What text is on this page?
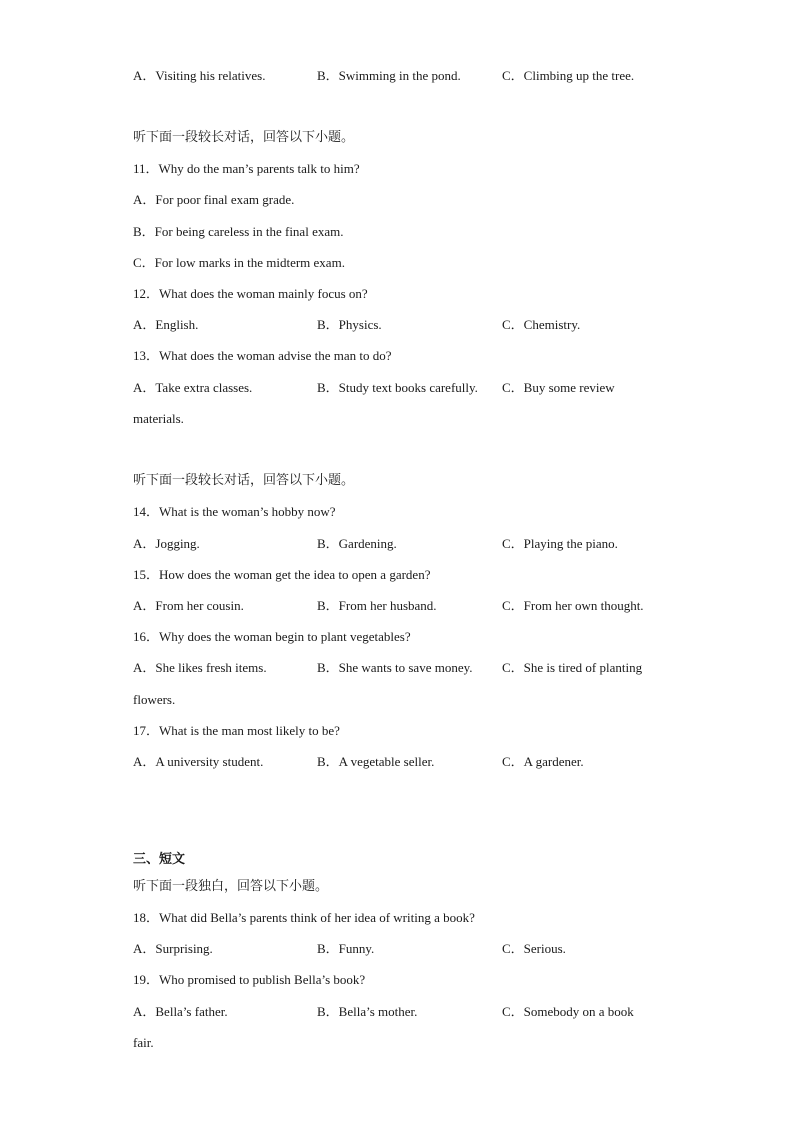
A．Visiting his relatives.	B．Swimming in the pond.	C．Climbing up the tree.
听下面一段较长对话，回答以下小题。
11．Why do the man’s parents talk to him?
A．For poor final exam grade.
B．For being careless in the final exam.
C．For low marks in the midterm exam.
12．What does the woman mainly focus on?
A．English.	B．Physics.	C．Chemistry.
13．What does the woman advise the man to do?
A．Take extra classes.	B．Study text books carefully. C．Buy some review
materials.
听下面一段较长对话，回答以下小题。
14．What is the woman’s hobby now?
A．Jogging.	B．Gardening.	C．Playing the piano.
15．How does the woman get the idea to open a garden?
A．From her cousin.	B．From her husband.	C．From her own thought.
16．Why does the woman begin to plant vegetables?
A．She likes fresh items.	B．She wants to save money. C．She is tired of planting
flowers.
17．What is the man most likely to be?
A．A university student.	B．A vegetable seller.	C．A gardener.
三、短文
听下面一段独白，回答以下小题。
18．What did Bella’s parents think of her idea of writing a book?
A．Surprising.	B．Funny.	C．Serious.
19．Who promised to publish Bella’s book?
A．Bella’s father.	B．Bella’s mother.	C．Somebody on a book
fair.
